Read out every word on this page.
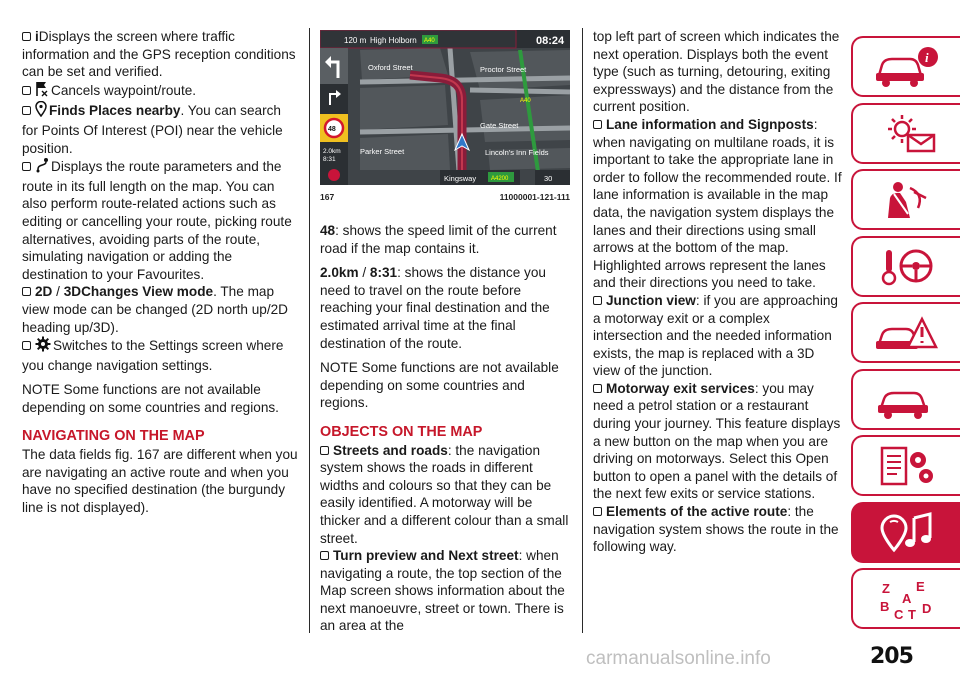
iDisplays the screen where traffic information and the GPS reception conditions can be set and verified.

Cancels waypoint/route.

Finds Places nearby. You can search for Points Of Interest (POI) near the vehicle position.

Displays the route parameters and the route in its full length on the map. You can also perform route-related actions such as editing or cancelling your route, picking route alternatives, avoiding parts of the route, simulating navigation or adding the destination to your Favourites.

2D / 3DChanges View mode. The map view mode can be changed (2D north up/2D heading up/3D).

Switches to the Settings screen where you change navigation settings.

NOTE Some functions are not available depending on some countries and regions.

NAVIGATING ON THE MAP

The data fields fig. 167 are different when you are navigating an active route and when you have no specified destination (the burgundy line is not displayed).

120 m High Holborn A40	08:24
48
2.0km
8:31
Oxford Street	Proctor Street
A40
Gate Street
Parker Street	Lincoln's Inn Fields
Kingsway A4200	30
167	11000001-121-111

48: shows the speed limit of the current road if the map contains it.

2.0km / 8:31: shows the distance you need to travel on the route before reaching your final destination and the estimated arrival time at the final destination of the route.

NOTE Some functions are not available depending on some countries and regions.

OBJECTS ON THE MAP

Streets and roads: the navigation system shows the roads in different widths and colours so that they can be easily identified. A motorway will be thicker and a different colour than a small street.

Turn preview and Next street: when navigating a route, the top section of the Map screen shows information about the next manoeuvre, street or town. There is an area at the

top left part of screen which indicates the next operation. Displays both the event type (such as turning, detouring, exiting expressways) and the distance from the current position.

Lane information and Signposts: when navigating on multilane roads, it is important to take the appropriate lane in order to follow the recommended route. If lane information is available in the map data, the navigation system displays the lanes and their directions using small arrows at the bottom of the map. Highlighted arrows represent the lanes and their directions you need to take.

Junction view: if you are approaching a motorway exit or a complex intersection and the needed information exists, the map is replaced with a 3D view of the junction.

Motorway exit services: you may need a petrol station or a restaurant during your journey. This feature displays a new button on the map when you are driving on motorways. Select this Open button to open a panel with the details of the next few exits or service stations.

Elements of the active route: the navigation system shows the route in the following way.

i
Z E
A
B	D
C T
carmanualsonline.info	205
